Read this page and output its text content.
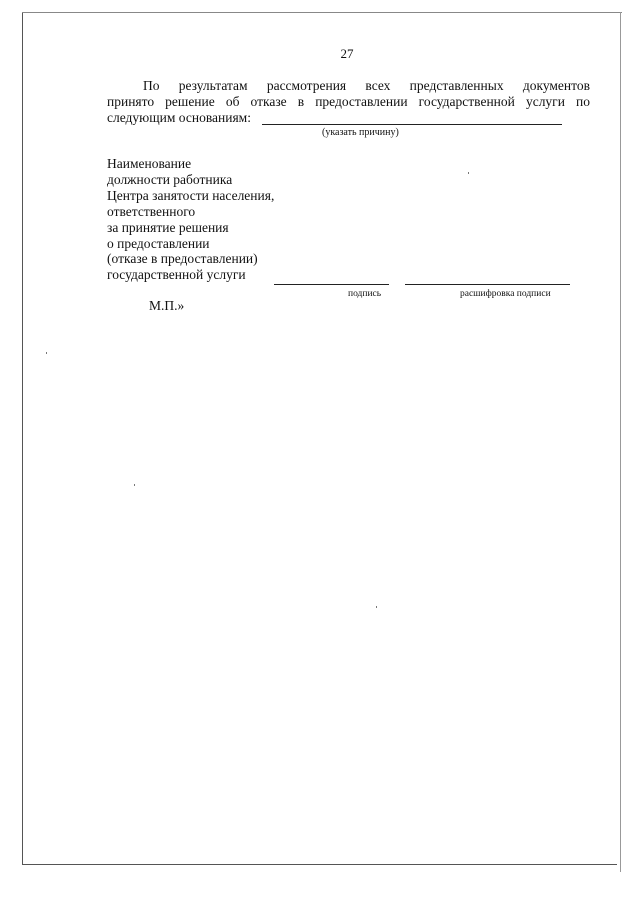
27
По результатам рассмотрения всех представленных документов
принято решение об отказе в предоставлении государственной услуги по
следующим основаниям:
(указать причину)
Наименование
должности работника
Центра занятости населения,
ответственного
за принятие решения
о предоставлении
(отказе в предоставлении)
государственной услуги
подпись	расшифровка подписи
М.П.»
